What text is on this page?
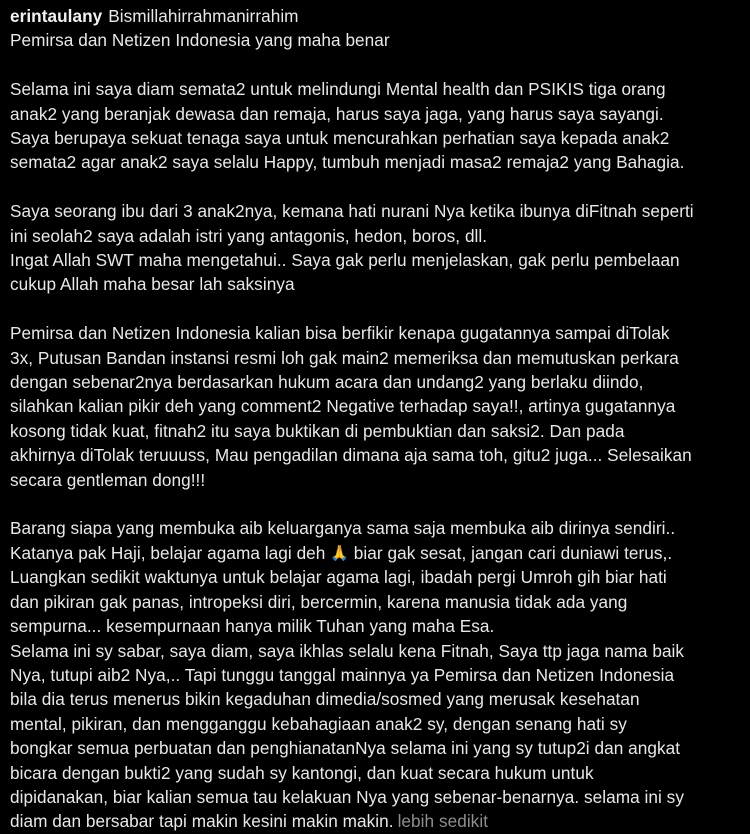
erintaulany Bismillahirrahmanirrahim
Pemirsa dan Netizen Indonesia yang maha benar
Selama ini saya diam semata2 untuk melindungi Mental health dan PSIKIS tiga orang
anak2 yang beranjak dewasa dan remaja, harus saya jaga, yang harus saya sayangi.
Saya berupaya sekuat tenaga saya untuk mencurahkan perhatian saya kepada anak2
semata2 agar anak2 saya selalu Happy, tumbuh menjadi masa2 remaja2 yang Bahagia.
Saya seorang ibu dari 3 anak2nya, kemana hati nurani Nya ketika ibunya diFitnah seperti
ini seolah2 saya adalah istri yang antagonis, hedon, boros, dll.
Ingat Allah SWT maha mengetahui.. Saya gak perlu menjelaskan, gak perlu pembelaan
cukup Allah maha besar lah saksinya
Pemirsa dan Netizen Indonesia kalian bisa berfikir kenapa gugatannya sampai diTolak
3x, Putusan Bandan instansi resmi loh gak main2 memeriksa dan memutuskan perkara
dengan sebenar2nya berdasarkan hukum acara dan undang2 yang berlaku diindo,
silahkan kalian pikir deh yang comment2 Negative terhadap saya!!, artinya gugatannya
kosong tidak kuat, fitnah2 itu saya buktikan di pembuktian dan saksi2. Dan pada
akhirnya diTolak teruuuss, Mau pengadilan dimana aja sama toh, gitu2 juga... Selesaikan
secara gentleman dong!!!
Barang siapa yang membuka aib keluarganya sama saja membuka aib dirinya sendiri..
Katanya pak Haji, belajar agama lagi deh 🙏 biar gak sesat, jangan cari duniawi terus,.
Luangkan sedikit waktunya untuk belajar agama lagi, ibadah pergi Umroh gih biar hati
dan pikiran gak panas, intropeksi diri, bercermin, karena manusia tidak ada yang
sempurna... kesempurnaan hanya milik Tuhan yang maha Esa.
Selama ini sy sabar, saya diam, saya ikhlas selalu kena Fitnah, Saya ttp jaga nama baik
Nya, tutupi aib2 Nya,.. Tapi tunggu tanggal mainnya ya Pemirsa dan Netizen Indonesia
bila dia terus menerus bikin kegaduhan dimedia/sosmed yang merusak kesehatan
mental, pikiran, dan mengganggu kebahagiaan anak2 sy, dengan senang hati sy
bongkar semua perbuatan dan penghianatanNya selama ini yang sy tutup2i dan angkat
bicara dengan bukti2 yang sudah sy kantongi, dan kuat secara hukum untuk
dipidanakan, biar kalian semua tau kelakuan Nya yang sebenar-benarnya. selama ini sy
diam dan bersabar tapi makin kesini makin makin. lebih sedikit
